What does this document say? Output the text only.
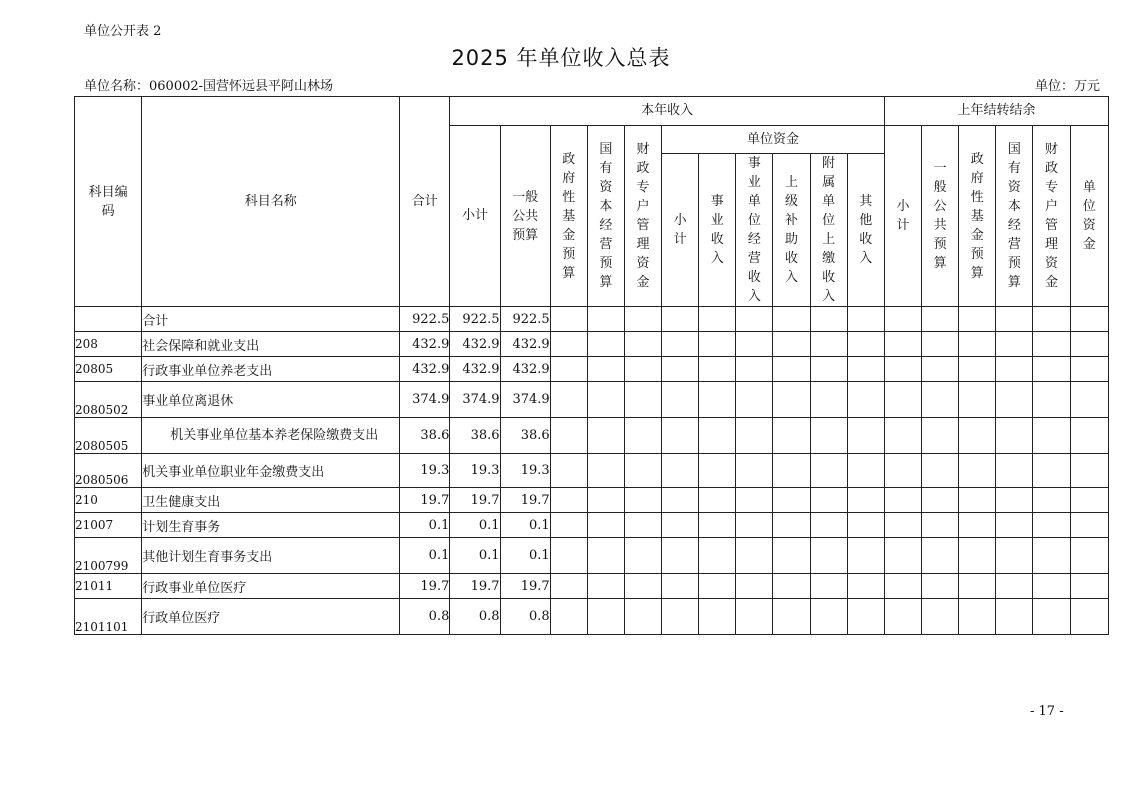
单位公开表 2
2025 年单位收入总表
单位名称：060002-国营怀远县平阿山林场	单位：万元
科目编码	科目名称	合计	本年收入											上年结转结余					
			小计	一般公共预算	政府性基金预算	国有资本经营预算	财政专户管理资金	单位资金						小计	一般公共预算	政府性基金预算	国有资本经营预算	财政专户管理资金	单位资金
								小计	事业收入	事业单位经营收入	上级补助收入	附属单位上缴收入	其他收入						
	合计	922.5	922.5	922.5															
208	社会保障和就业支出	432.9	432.9	432.9															
20805	行政事业单位养老支出	432.9	432.9	432.9															
2080502	事业单位离退休	374.9	374.9	374.9															
2080505	机关事业单位基本养老保险缴费支出	38.6	38.6	38.6															
2080506	机关事业单位职业年金缴费支出	19.3	19.3	19.3															
210	卫生健康支出	19.7	19.7	19.7															
21007	计划生育事务	0.1	0.1	0.1															
2100799	其他计划生育事务支出	0.1	0.1	0.1															
21011	行政事业单位医疗	19.7	19.7	19.7															
2101101	行政单位医疗	0.8	0.8	0.8															
- 17 -
